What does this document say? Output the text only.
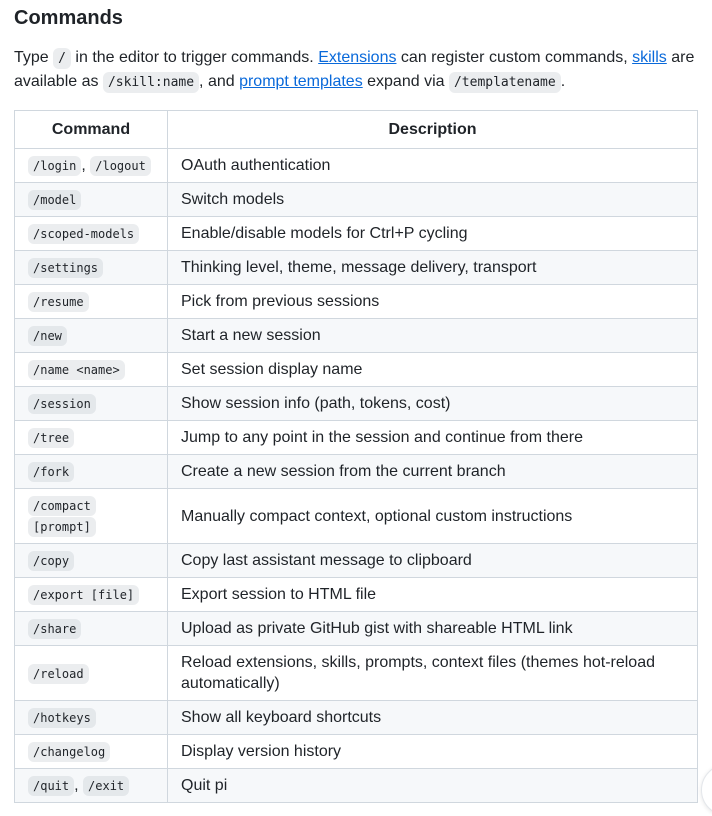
Commands

Type / in the editor to trigger commands. Extensions can register custom commands, skills are available as /skill:name , and prompt templates expand via /templatename .

Command	Description
/login , /logout	OAuth authentication
/model	Switch models
/scoped-models	Enable/disable models for Ctrl+P cycling
/settings	Thinking level, theme, message delivery, transport
/resume	Pick from previous sessions
/new	Start a new session
/name <name>	Set session display name
/session	Show session info (path, tokens, cost)
/tree	Jump to any point in the session and continue from there
/fork	Create a new session from the current branch
/compact [prompt]	Manually compact context, optional custom instructions
/copy	Copy last assistant message to clipboard
/export [file]	Export session to HTML file
/share	Upload as private GitHub gist with shareable HTML link
/reload	Reload extensions, skills, prompts, context files (themes hot-reload automatically)
/hotkeys	Show all keyboard shortcuts
/changelog	Display version history
/quit , /exit	Quit pi
